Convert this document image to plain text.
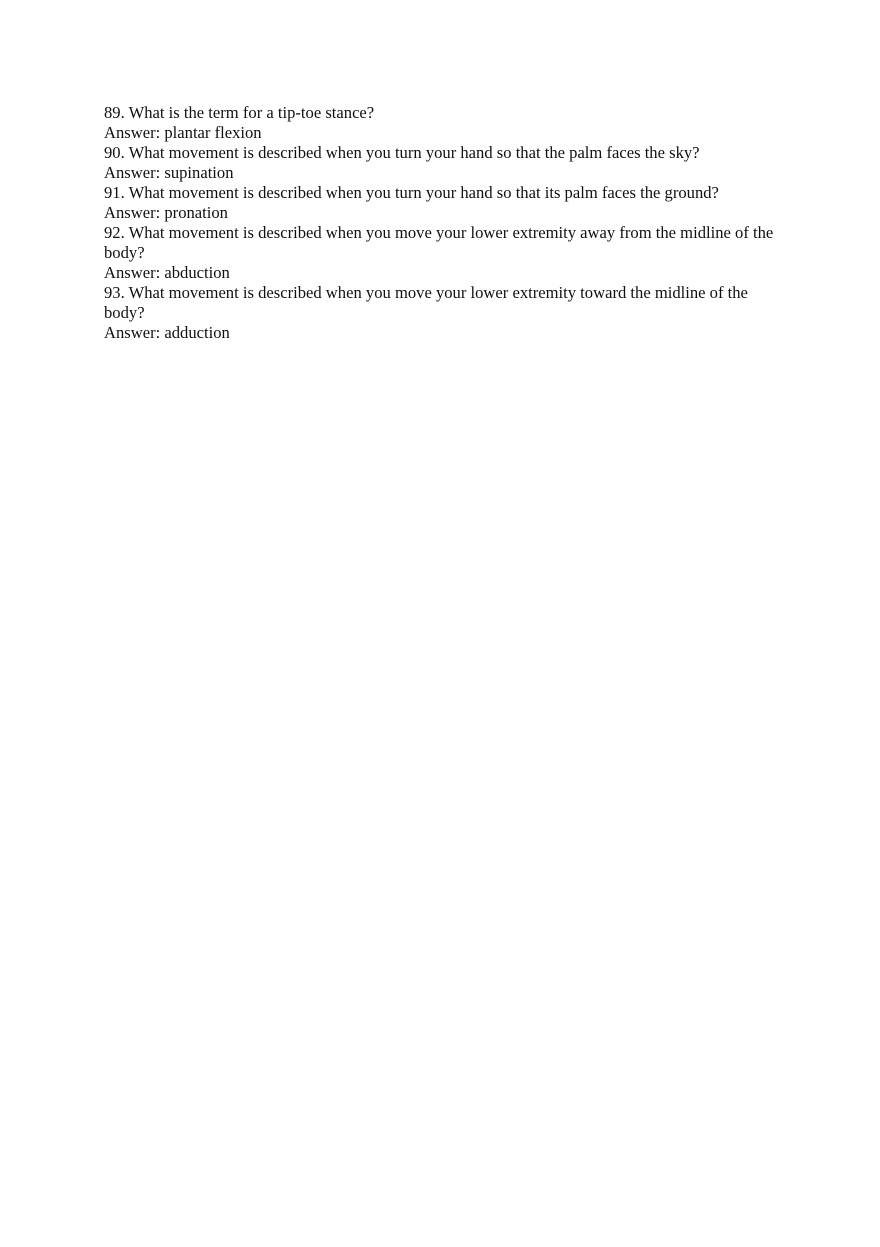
89. What is the term for a tip-toe stance?

Answer: plantar flexion

90. What movement is described when you turn your hand so that the palm faces the sky?

Answer: supination

91. What movement is described when you turn your hand so that its palm faces the ground?

Answer: pronation

92. What movement is described when you move your lower extremity away from the midline of the body?

Answer: abduction

93. What movement is described when you move your lower extremity toward the midline of the body?

Answer: adduction
